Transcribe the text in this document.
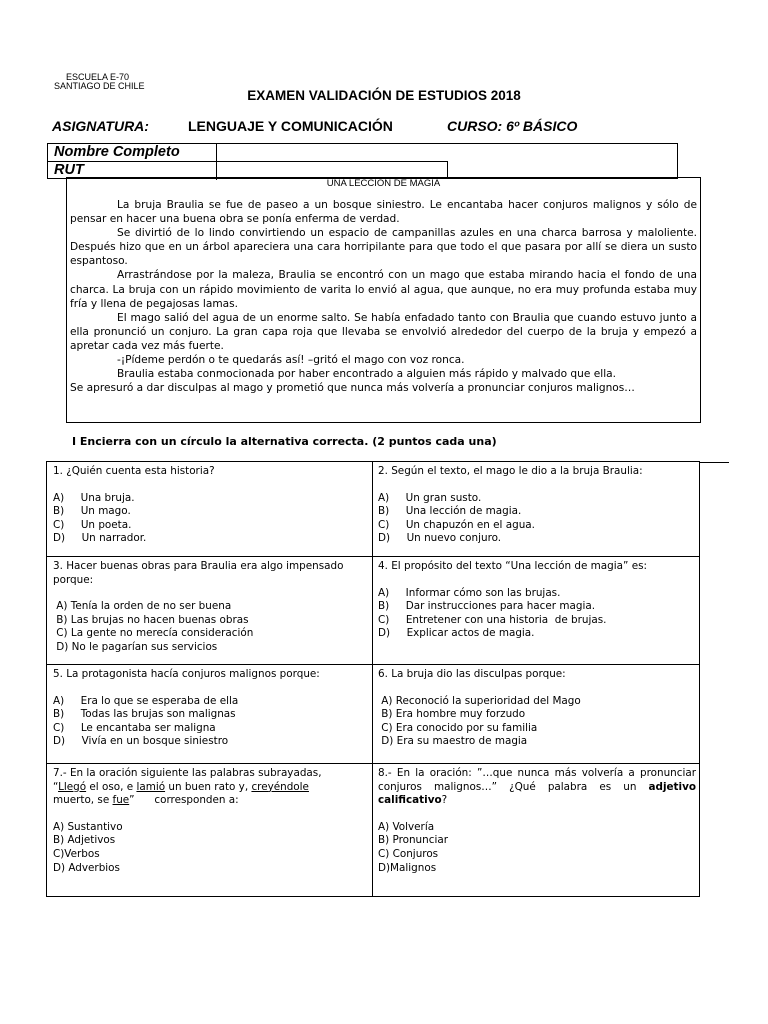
ESCUELA E-70
SANTIAGO DE CHILE
EXAMEN VALIDACIÓN DE ESTUDIOS 2018
ASIGNATURA:	LENGUAJE Y COMUNICACIÓN	CURSO: 6º BÁSICO
Nombre Completo
RUT
UNA LECCIÓN DE MAGIA

La bruja Braulia se fue de paseo a un bosque siniestro. Le encantaba hacer conjuros malignos y sólo de pensar en hacer una buena obra se ponía enferma de verdad.

Se divirtió de lo lindo convirtiendo un espacio de campanillas azules en una charca barrosa y maloliente. Después hizo que en un árbol apareciera una cara horripilante para que todo el que pasara por allí se diera un susto espantoso.

Arrastrándose por la maleza, Braulia se encontró con un mago que estaba mirando hacia el fondo de una charca. La bruja con un rápido movimiento de varita lo envió al agua, que aunque, no era muy profunda estaba muy fría y llena de pegajosas lamas.

El mago salió del agua de un enorme salto. Se había enfadado tanto con Braulia que cuando estuvo junto a ella pronunció un conjuro. La gran capa roja que llevaba se envolvió alrededor del cuerpo de la bruja y empezó a apretar cada vez más fuerte.

-¡Pídeme perdón o te quedarás así! –gritó el mago con voz ronca.

Braulia estaba conmocionada por haber encontrado a alguien más rápido y malvado que ella.

Se apresuró a dar disculpas al mago y prometió que nunca más volvería a pronunciar conjuros malignos…

I Encierra con un círculo la alternativa correcta. (2 puntos cada una)
1. ¿Quién cuenta esta historia?
A)     Una bruja.
B)     Un mago.
C)     Un poeta.
D)     Un narrador.
2. Según el texto, el mago le dio a la bruja Braulia:
A)     Un gran susto.
B)     Una lección de magia.
C)     Un chapuzón en el agua.
D)     Un nuevo conjuro.
3. Hacer buenas obras para Braulia era algo impensado porque:
A) Tenía la orden de no ser buena
B) Las brujas no hacen buenas obras
C) La gente no merecía consideración
D) No le pagarían sus servicios
4. El propósito del texto “Una lección de magia” es:
A)     Informar cómo son las brujas.
B)     Dar instrucciones para hacer magia.
C)     Entretener con una historia  de brujas.
D)     Explicar actos de magia.
5. La protagonista hacía conjuros malignos porque:
A)     Era lo que se esperaba de ella
B)     Todas las brujas son malignas
C)     Le encantaba ser maligna
D)     Vivía en un bosque siniestro
6. La bruja dio las disculpas porque:
A) Reconoció la superioridad del Mago
B) Era hombre muy forzudo
C) Era conocido por su familia
D) Era su maestro de magia
7.- En la oración siguiente las palabras subrayadas,
“Llegó el oso, e lamió un buen rato y, creyéndole
muerto, se fue”      corresponden a:
A) Sustantivo
B) Adjetivos
C)Verbos
D) Adverbios
8.- En la oración: ”…que nunca más volvería a pronunciar conjuros malignos…” ¿Qué palabra es un adjetivo calificativo?
A) Volvería
B) Pronunciar
C) Conjuros
D)Malignos
